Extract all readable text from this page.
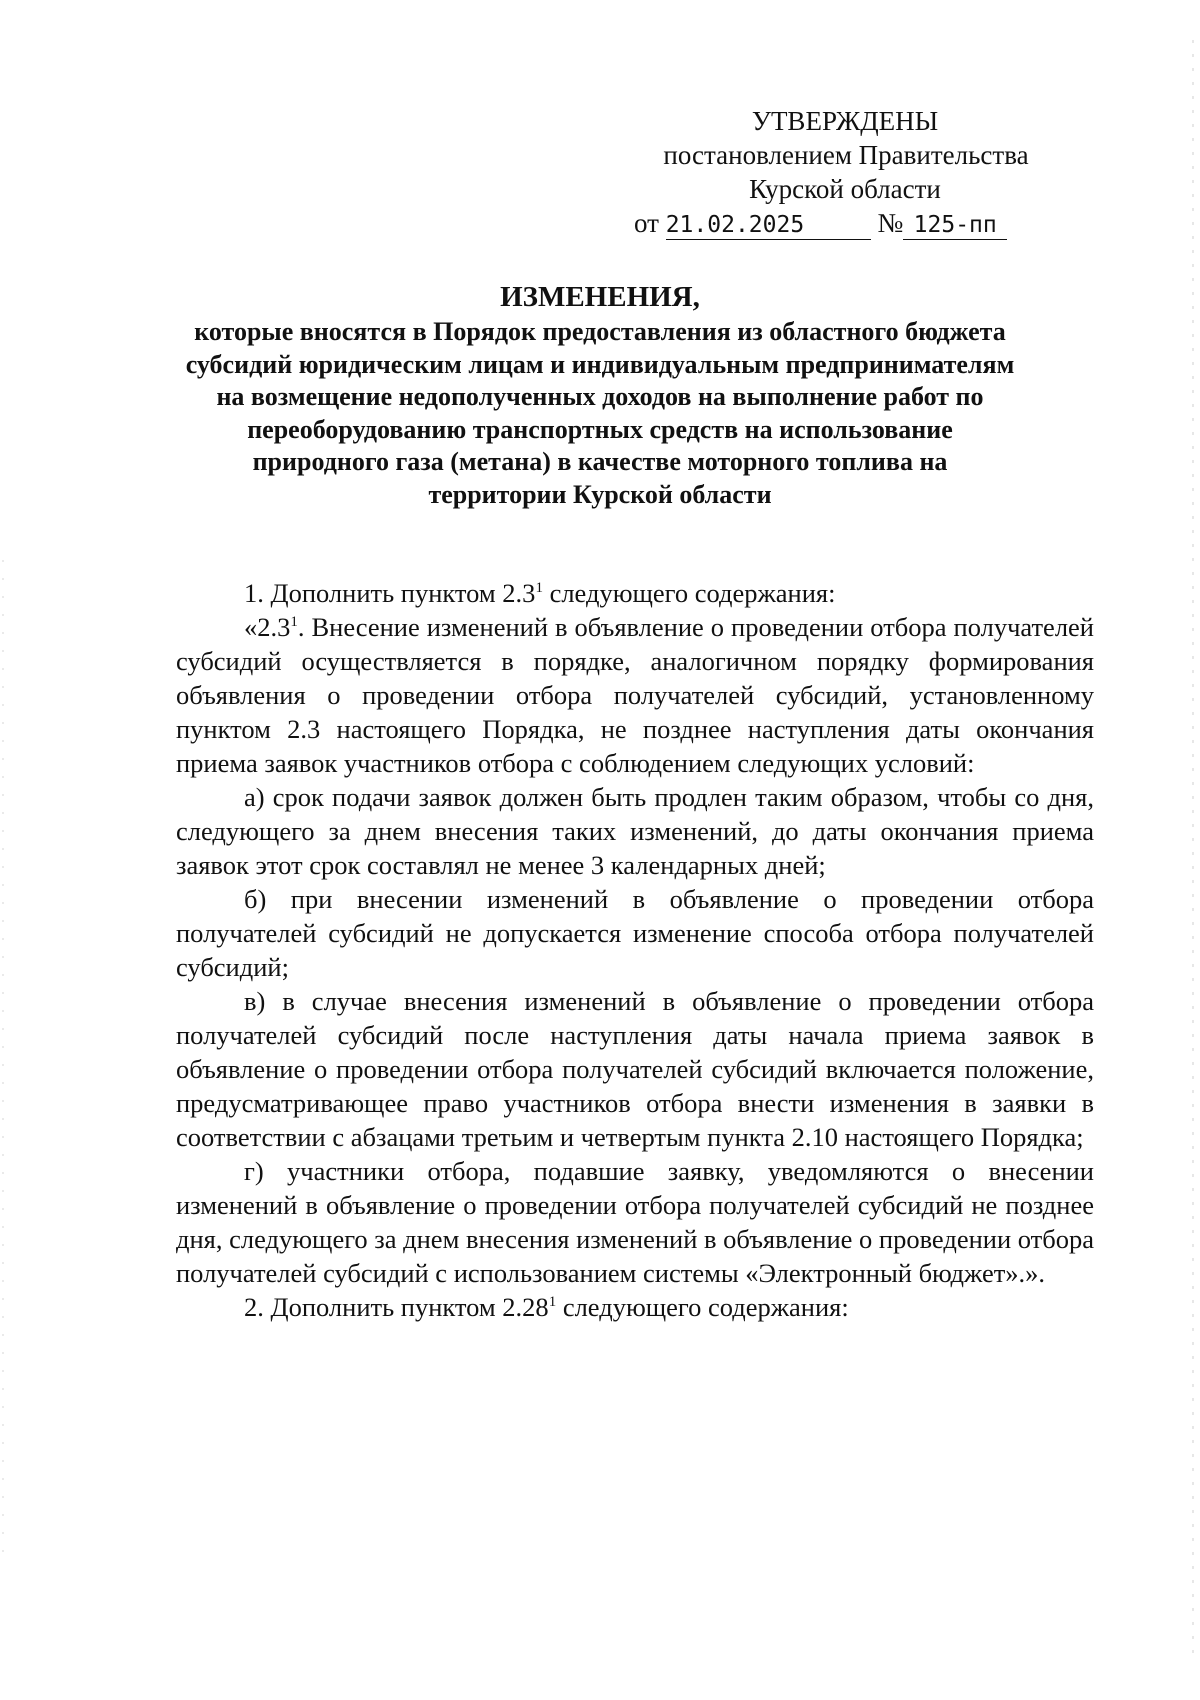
УТВЕРЖДЕНЫ
постановлением Правительства
Курской области
от 21.02.2025	№ 125-пп
ИЗМЕНЕНИЯ,
которые вносятся в Порядок предоставления из областного бюджета
субсидий юридическим лицам и индивидуальным предпринимателям
на возмещение недополученных доходов на выполнение работ по
переоборудованию транспортных средств на использование
природного газа (метана) в качестве моторного топлива на
территории Курской области

1. Дополнить пунктом $2.3^1$ следующего содержания:

«$2.3^1$. Внесение изменений в объявление о проведении отбора получателей субсидий осуществляется в порядке, аналогичном порядку формирования объявления о проведении отбора получателей субсидий, установленному пунктом 2.3 настоящего Порядка, не позднее наступления даты окончания приема заявок участников отбора с соблюдением следующих условий:

а) срок подачи заявок должен быть продлен таким образом, чтобы со дня, следующего за днем внесения таких изменений, до даты окончания приема заявок этот срок составлял не менее 3 календарных дней;

б) при внесении изменений в объявление о проведении отбора получателей субсидий не допускается изменение способа отбора получателей субсидий;

в) в случае внесения изменений в объявление о проведении отбора получателей субсидий после наступления даты начала приема заявок в объявление о проведении отбора получателей субсидий включается положение, предусматривающее право участников отбора внести изменения в заявки в соответствии с абзацами третьим и четвертым пункта 2.10 настоящего Порядка;

г) участники отбора, подавшие заявку, уведомляются о внесении изменений в объявление о проведении отбора получателей субсидий не позднее дня, следующего за днем внесения изменений в объявление о проведении отбора получателей субсидий с использованием системы «Электронный бюджет».».

2. Дополнить пунктом 2.28$^1$ следующего содержания:
